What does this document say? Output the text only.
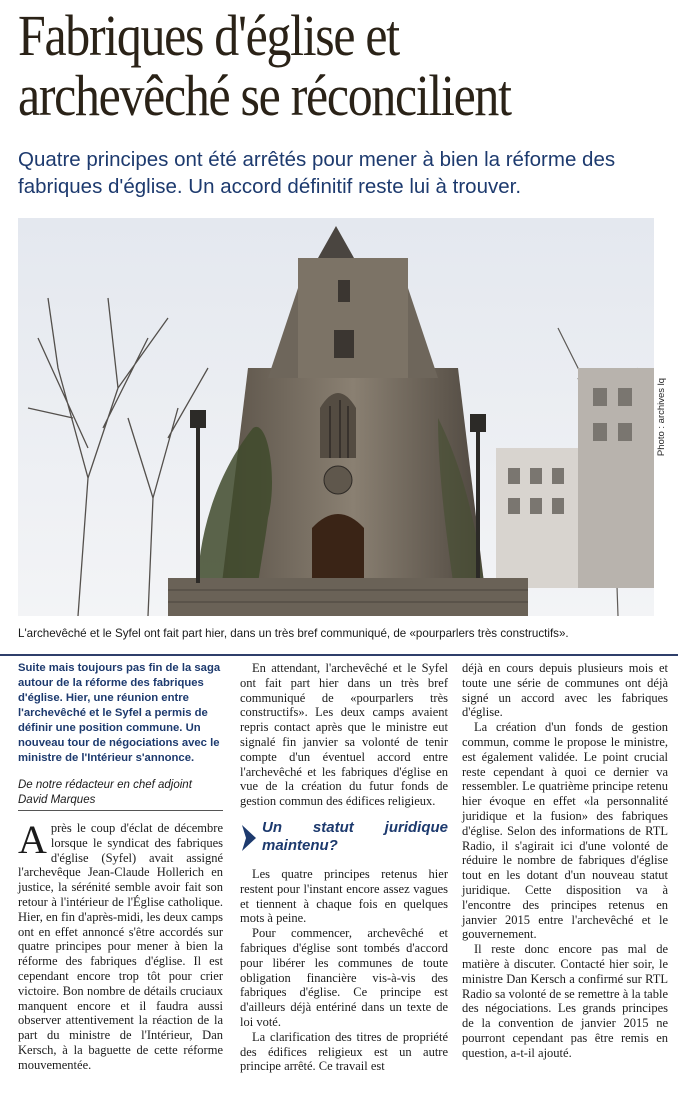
Fabriques d'église et
archevêché se réconcilient

Quatre principes ont été arrêtés pour mener à bien la réforme des fabriques d'église. Un accord définitif reste lui à trouver.

Photo : archives lq

L'archevêché et le Syfel ont fait part hier, dans un très bref communiqué, de «pourparlers très constructifs».

Suite mais toujours pas fin de la saga autour de la réforme des fabriques d'église. Hier, une réunion entre l'archevêché et le Syfel a permis de définir une position commune. Un nouveau tour de négociations avec le ministre de l'Intérieur s'annonce.

De notre rédacteur en chef adjoint

David Marques

Après le coup d'éclat de décembre lorsque le syndicat des fabriques d'église (Syfel) avait assigné l'archevêque Jean-Claude Hollerich en justice, la sérénité semble avoir fait son retour à l'intérieur de l'Église catholique. Hier, en fin d'après-midi, les deux camps ont en effet annoncé s'être accordés sur quatre principes pour mener à bien la réforme des fabriques d'église. Il est cependant encore trop tôt pour crier victoire. Bon nombre de détails cruciaux manquent encore et il faudra aussi observer attentivement la réaction de la part du ministre de l'Intérieur, Dan Kersch, à la baguette de cette réforme mouvementée.

En attendant, l'archevêché et le Syfel ont fait part hier dans un très bref communiqué de «pourparlers très constructifs». Les deux camps avaient repris contact après que le ministre eut signalé fin janvier sa volonté de tenir compte d'un éventuel accord entre l'archevêché et les fabriques d'église en vue de la création du futur fonds de gestion commun des édifices religieux.

Un statut juridique maintenu?

Les quatre principes retenus hier restent pour l'instant encore assez vagues et tiennent à chaque fois en quelques mots à peine.

Pour commencer, archevêché et fabriques d'église sont tombés d'accord pour libérer les communes de toute obligation financière vis-à-vis des fabriques d'église. Ce principe est d'ailleurs déjà entériné dans un texte de loi voté.

La clarification des titres de propriété des édifices religieux est un autre principe arrêté. Ce travail est

déjà en cours depuis plusieurs mois et toute une série de communes ont déjà signé un accord avec les fabriques d'église.

La création d'un fonds de gestion commun, comme le propose le ministre, est également validée. Le point crucial reste cependant à quoi ce dernier va ressembler. Le quatrième principe retenu hier évoque en effet «la personnalité juridique et la fusion» des fabriques d'église. Selon des informations de RTL Radio, il s'agirait ici d'une volonté de réduire le nombre de fabriques d'église tout en les dotant d'un nouveau statut juridique. Cette disposition va à l'encontre des principes retenus en janvier 2015 entre l'archevêché et le gouvernement.

Il reste donc encore pas mal de matière à discuter. Contacté hier soir, le ministre Dan Kersch a confirmé sur RTL Radio sa volonté de se remettre à la table des négociations. Les grands principes de la convention de janvier 2015 ne pourront cependant pas être remis en question, a-t-il ajouté.
